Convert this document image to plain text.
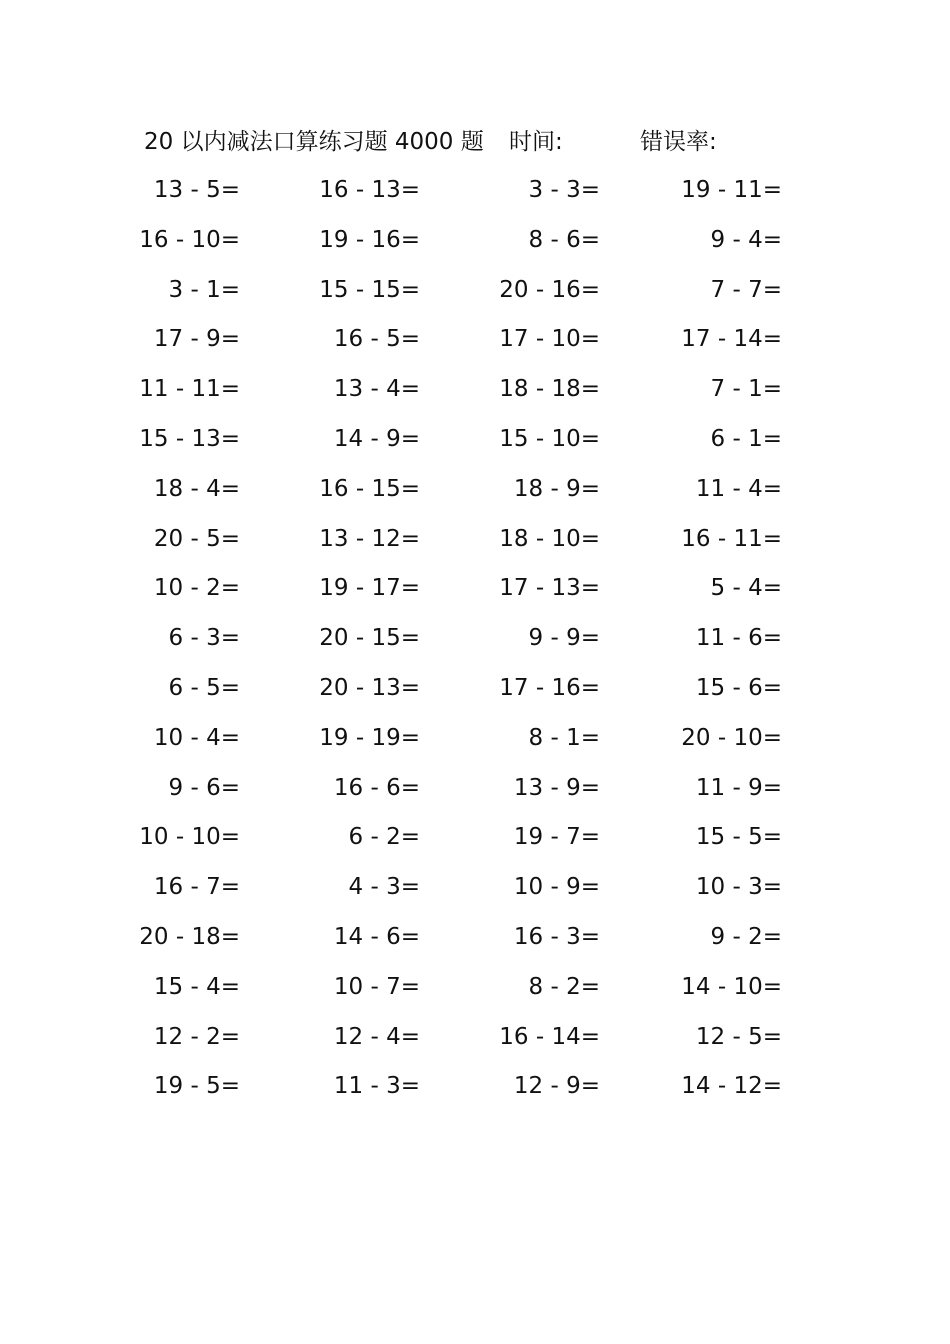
20 以内减法口算练习题 4000 题 时间:	错误率:
13 - 5=	16 - 13=	3 - 3=	19 - 11=
16 - 10=	19 - 16=	8 - 6=	9 - 4=
3 - 1=	15 - 15=	20 - 16=	7 - 7=
17 - 9=	16 - 5=	17 - 10=	17 - 14=
11 - 11=	13 - 4=	18 - 18=	7 - 1=
15 - 13=	14 - 9=	15 - 10=	6 - 1=
18 - 4=	16 - 15=	18 - 9=	11 - 4=
20 - 5=	13 - 12=	18 - 10=	16 - 11=
10 - 2=	19 - 17=	17 - 13=	5 - 4=
6 - 3=	20 - 15=	9 - 9=	11 - 6=
6 - 5=	20 - 13=	17 - 16=	15 - 6=
10 - 4=	19 - 19=	8 - 1=	20 - 10=
9 - 6=	16 - 6=	13 - 9=	11 - 9=
10 - 10=	6 - 2=	19 - 7=	15 - 5=
16 - 7=	4 - 3=	10 - 9=	10 - 3=
20 - 18=	14 - 6=	16 - 3=	9 - 2=
15 - 4=	10 - 7=	8 - 2=	14 - 10=
12 - 2=	12 - 4=	16 - 14=	12 - 5=
19 - 5=	11 - 3=	12 - 9=	14 - 12=
